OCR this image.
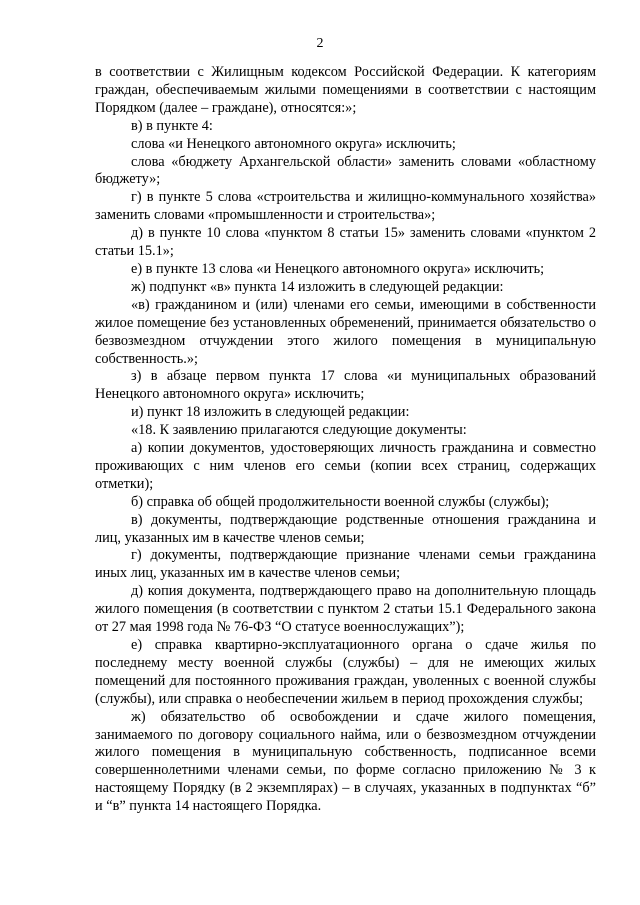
2

в соответствии с Жилищным кодексом Российской Федерации. К категориям граждан, обеспечиваемым жилыми помещениями в соответствии с настоящим Порядком (далее – граждане), относятся:»;

в) в пункте 4:

слова «и Ненецкого автономного округа» исключить;

слова «бюджету Архангельской области» заменить словами «областному бюджету»;

г) в пункте 5 слова «строительства и жилищно-коммунального хозяйства» заменить словами «промышленности и строительства»;

д) в пункте 10 слова «пунктом 8 статьи 15» заменить словами «пунктом 2 статьи 15.1»;

е) в пункте 13 слова «и Ненецкого автономного округа» исключить;

ж) подпункт «в» пункта 14 изложить в следующей редакции:

«в) гражданином и (или) членами его семьи, имеющими в собственности жилое помещение без установленных обременений, принимается обязательство о безвозмездном отчуждении этого жилого помещения в муниципальную собственность.»;

з) в абзаце первом пункта 17 слова «и муниципальных образований Ненецкого автономного округа» исключить;

и) пункт 18 изложить в следующей редакции:

«18. К заявлению прилагаются следующие документы:

а) копии документов, удостоверяющих личность гражданина и совместно проживающих с ним членов его семьи (копии всех страниц, содержащих отметки);

б) справка об общей продолжительности военной службы (службы);

в) документы, подтверждающие родственные отношения гражданина и лиц, указанных им в качестве членов семьи;

г) документы, подтверждающие признание членами семьи гражданина иных лиц, указанных им в качестве членов семьи;

д) копия документа, подтверждающего право на дополнительную площадь жилого помещения (в соответствии с пунктом 2 статьи 15.1 Федерального закона от 27 мая 1998 года № 76-ФЗ “О статусе военнослужащих”);

е) справка квартирно-эксплуатационного органа о сдаче жилья по последнему месту военной службы (службы) – для не имеющих жилых помещений для постоянного проживания граждан, уволенных с военной службы (службы), или справка о необеспечении жильем в период прохождения службы;

ж) обязательство об освобождении и сдаче жилого помещения, занимаемого по договору социального найма, или о безвозмездном отчуждении жилого помещения в муниципальную собственность, подписанное всеми совершеннолетними членами семьи, по форме согласно приложению № 3 к настоящему Порядку (в 2 экземплярах) – в случаях, указанных в подпунктах “б” и “в” пункта 14 настоящего Порядка.
